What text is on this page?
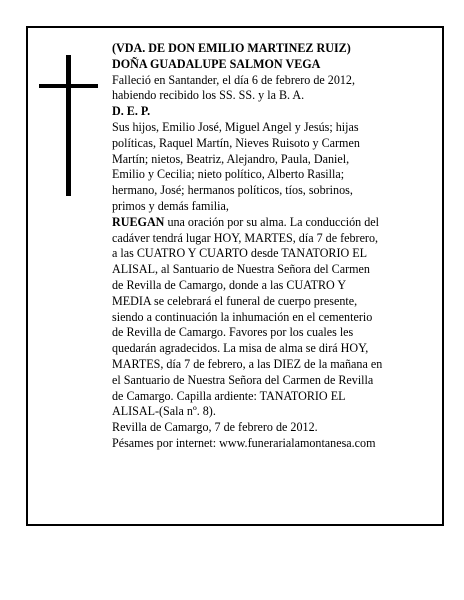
(VDA. DE DON EMILIO MARTINEZ RUIZ)

DOÑA GUADALUPE SALMON VEGA

Falleció en Santander, el día 6 de febrero de 2012,

habiendo recibido los SS. SS. y la B. A.

D. E. P.

Sus hijos, Emilio José, Miguel Angel y Jesús; hijas

políticas, Raquel Martín, Nieves Ruisoto y Carmen

Martín; nietos, Beatriz, Alejandro, Paula, Daniel,

Emilio y Cecilia; nieto político, Alberto Rasilla;

hermano, José; hermanos políticos, tíos, sobrinos,

primos y demás familia,

RUEGAN una oración por su alma. La conducción del

cadáver tendrá lugar HOY, MARTES, día 7 de febrero,

a las CUATRO Y CUARTO desde TANATORIO EL

ALISAL, al Santuario de Nuestra Señora del Carmen

de Revilla de Camargo, donde a las CUATRO Y

MEDIA se celebrará el funeral de cuerpo presente,

siendo a continuación la inhumación en el cementerio

de Revilla de Camargo. Favores por los cuales les

quedarán agradecidos. La misa de alma se dirá HOY,

MARTES, día 7 de febrero, a las DIEZ de la mañana en

el Santuario de Nuestra Señora del Carmen de Revilla

de Camargo. Capilla ardiente: TANATORIO EL

ALISAL-(Sala nº. 8).

Revilla de Camargo, 7 de febrero de 2012.

Pésames por internet: www.funerarialamontanesa.com
